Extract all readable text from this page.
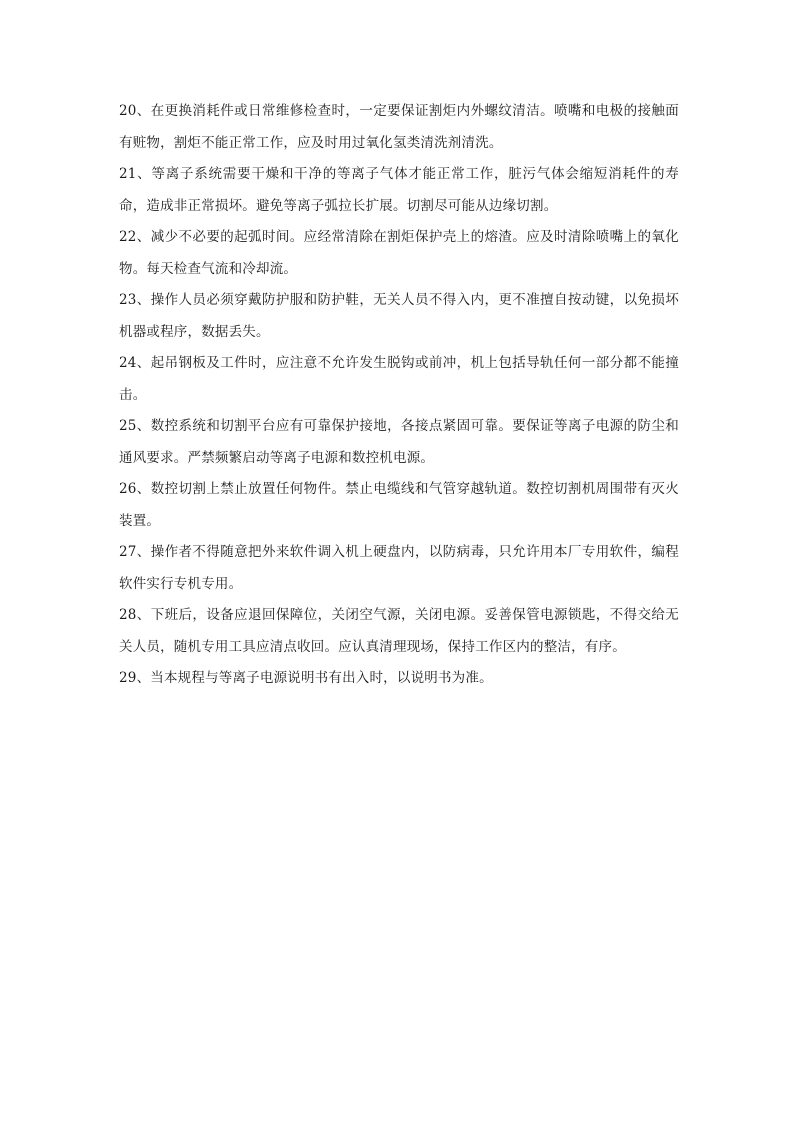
20、在更换消耗件或日常维修检查时，一定要保证割炬内外螺纹清洁。喷嘴和电极的接触面有赃物，割炬不能正常工作，应及时用过氧化氢类清洗剂清洗。

21、等离子系统需要干燥和干净的等离子气体才能正常工作，脏污气体会缩短消耗件的寿命，造成非正常损坏。避免等离子弧拉长扩展。切割尽可能从边缘切割。

22、减少不必要的起弧时间。应经常清除在割炬保护壳上的熔渣。应及时清除喷嘴上的氧化物。每天检查气流和冷却流。

23、操作人员必须穿戴防护服和防护鞋，无关人员不得入内，更不准擅自按动键，以免损坏机器或程序，数据丢失。

24、起吊钢板及工件时，应注意不允许发生脱钩或前冲，机上包括导轨任何一部分都不能撞击。

25、数控系统和切割平台应有可靠保护接地，各接点紧固可靠。要保证等离子电源的防尘和通风要求。严禁频繁启动等离子电源和数控机电源。

26、数控切割上禁止放置任何物件。禁止电缆线和气管穿越轨道。数控切割机周围带有灭火装置。

27、操作者不得随意把外来软件调入机上硬盘内，以防病毒，只允许用本厂专用软件，编程软件实行专机专用。

28、下班后，设备应退回保障位，关闭空气源，关闭电源。妥善保管电源锁匙，不得交给无关人员，随机专用工具应清点收回。应认真清理现场，保持工作区内的整洁，有序。

29、当本规程与等离子电源说明书有出入时，以说明书为准。
